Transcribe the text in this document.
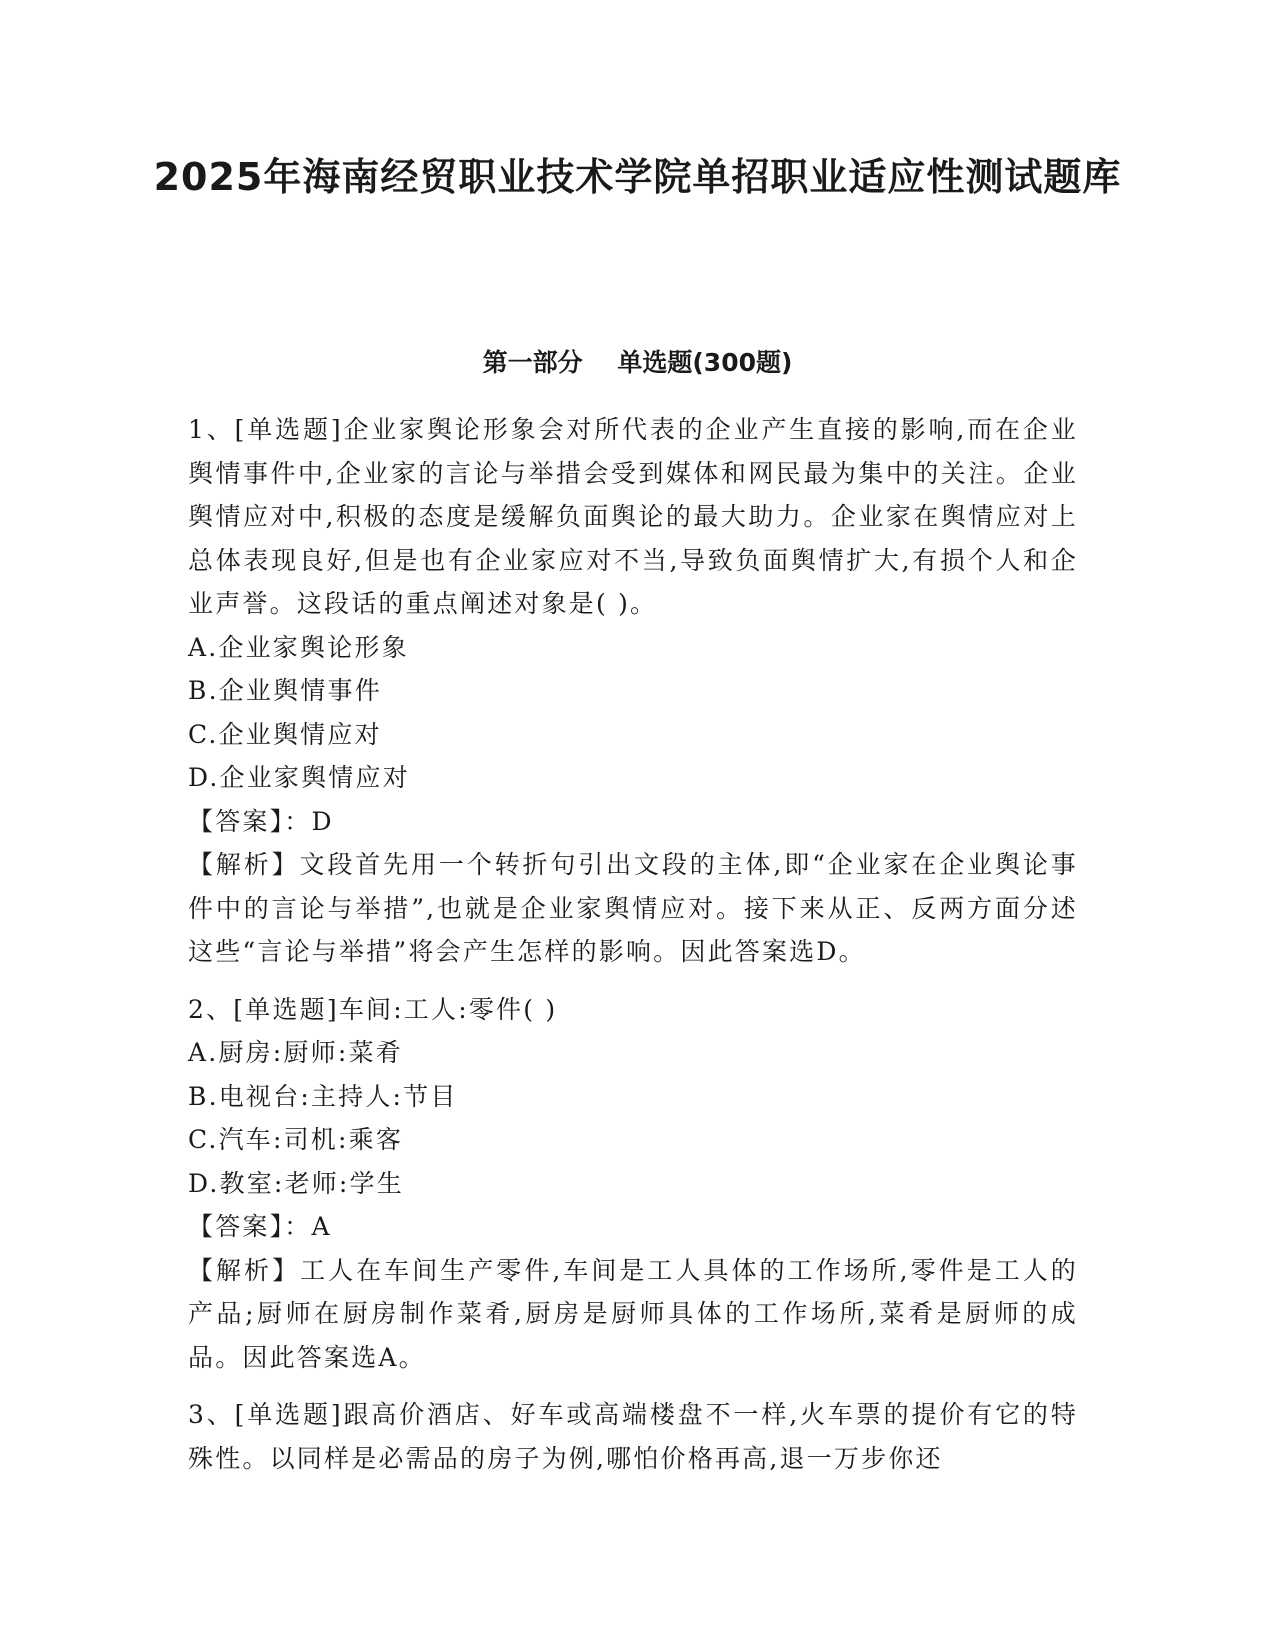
2025年海南经贸职业技术学院单招职业适应性测试题库
第一部分    单选题(300题)

1、[单选题]企业家舆论形象会对所代表的企业产生直接的影响,而在企业舆情事件中,企业家的言论与举措会受到媒体和网民最为集中的关注。企业舆情应对中,积极的态度是缓解负面舆论的最大助力。企业家在舆情应对上总体表现良好,但是也有企业家应对不当,导致负面舆情扩大,有损个人和企业声誉。这段话的重点阐述对象是( )。

A.企业家舆论形象

B.企业舆情事件

C.企业舆情应对

D.企业家舆情应对

【答案】：D

【解析】文段首先用一个转折句引出文段的主体,即“企业家在企业舆论事件中的言论与举措”,也就是企业家舆情应对。接下来从正、反两方面分述这些“言论与举措”将会产生怎样的影响。因此答案选D。

2、[单选题]车间:工人:零件( )

A.厨房:厨师:菜肴

B.电视台:主持人:节目

C.汽车:司机:乘客

D.教室:老师:学生

【答案】：A

【解析】工人在车间生产零件,车间是工人具体的工作场所,零件是工人的产品;厨师在厨房制作菜肴,厨房是厨师具体的工作场所,菜肴是厨师的成品。因此答案选A。

3、[单选题]跟高价酒店、好车或高端楼盘不一样,火车票的提价有它的特殊性。以同样是必需品的房子为例,哪怕价格再高,退一万步你还
